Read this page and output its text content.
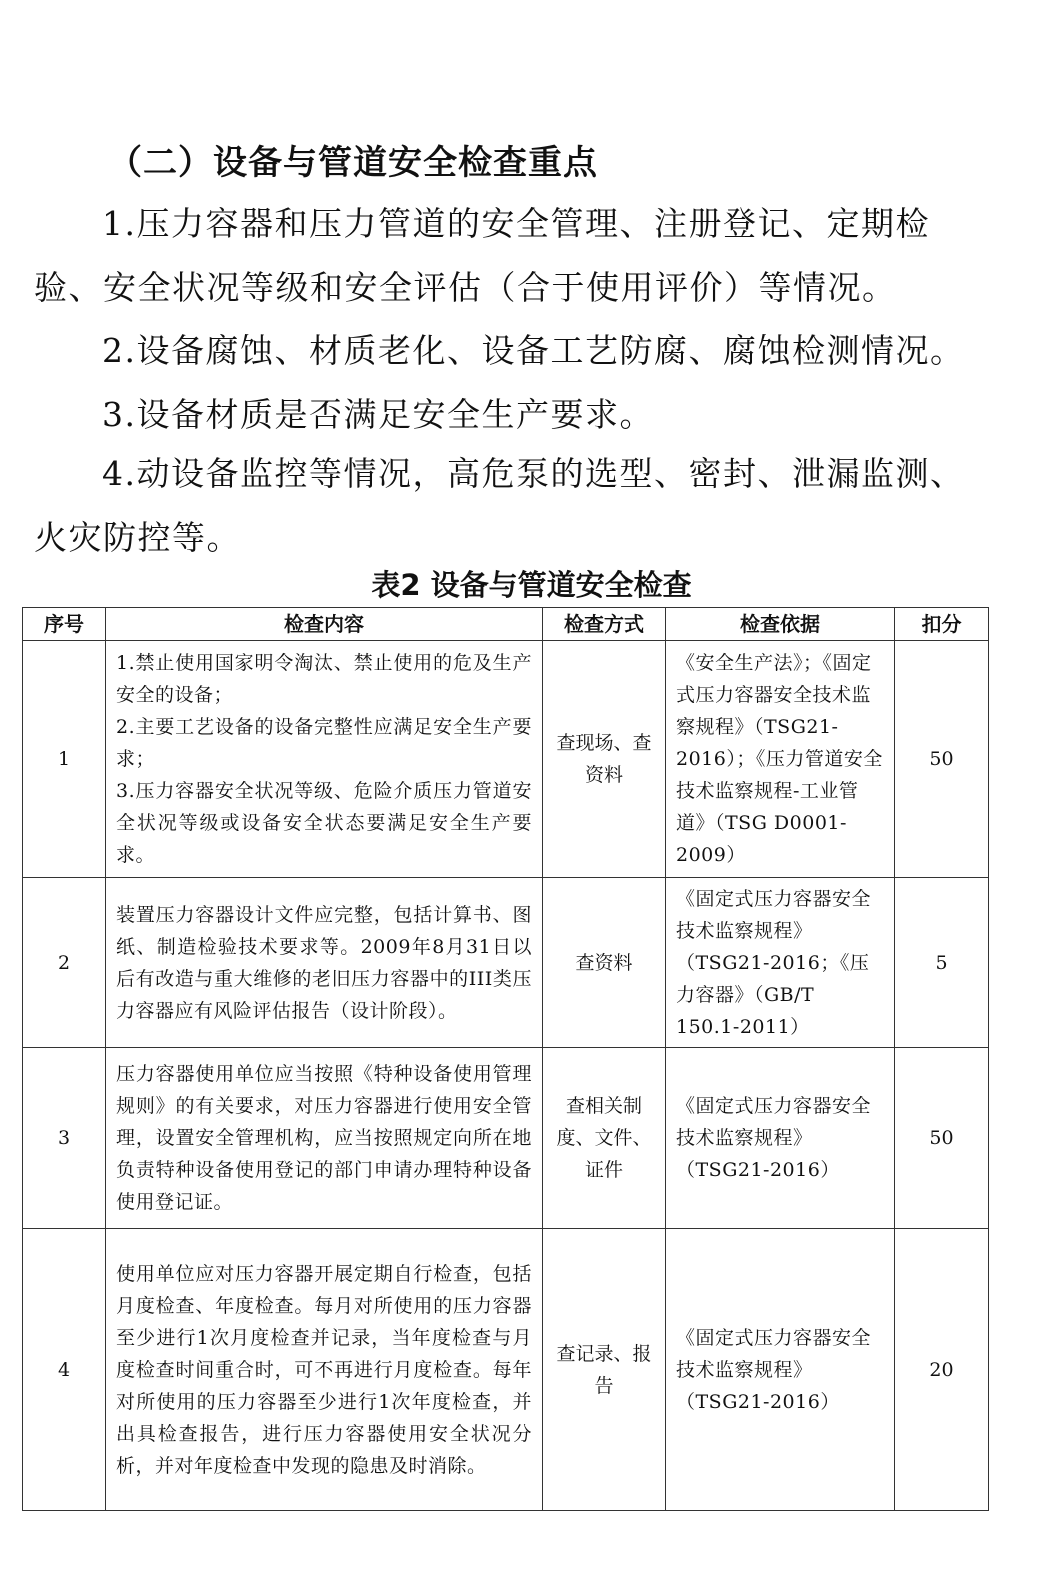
（二）设备与管道安全检查重点

1.压力容器和压力管道的安全管理、注册登记、定期检验、安全状况等级和安全评估（合于使用评价）等情况。

2.设备腐蚀、材质老化、设备工艺防腐、腐蚀检测情况。

3.设备材质是否满足安全生产要求。

4.动设备监控等情况，高危泵的选型、密封、泄漏监测、火灾防控等。

表2 设备与管道安全检查
序号	检查内容	检查方式	检查依据	扣分
1	1.禁止使用国家明令淘汰、禁止使用的危及生产安全的设备；
2.主要工艺设备的设备完整性应满足安全生产要求；
3.压力容器安全状况等级、危险介质压力管道安全状况等级或设备安全状态要满足安全生产要求。	查现场、查资料	《安全生产法》；《固定式压力容器安全技术监察规程》（TSG21-2016）；《压力管道安全技术监察规程-工业管道》（TSG D0001-2009）	50
2	装置压力容器设计文件应完整，包括计算书、图纸、制造检验技术要求等。2009年8月31日以后有改造与重大维修的老旧压力容器中的III类压力容器应有风险评估报告（设计阶段）。	查资料	《固定式压力容器安全技术监察规程》（TSG21-2016；《压力容器》（GB/T 150.1-2011）	5
3	压力容器使用单位应当按照《特种设备使用管理规则》的有关要求，对压力容器进行使用安全管理，设置安全管理机构，应当按照规定向所在地负责特种设备使用登记的部门申请办理特种设备使用登记证。	查相关制度、文件、证件	《固定式压力容器安全技术监察规程》（TSG21-2016）	50
4	使用单位应对压力容器开展定期自行检查，包括月度检查、年度检查。每月对所使用的压力容器至少进行1次月度检查并记录，当年度检查与月度检查时间重合时，可不再进行月度检查。每年对所使用的压力容器至少进行1次年度检查，并出具检查报告，进行压力容器使用安全状况分析，并对年度检查中发现的隐患及时消除。	查记录、报告	《固定式压力容器安全技术监察规程》（TSG21-2016）	20
